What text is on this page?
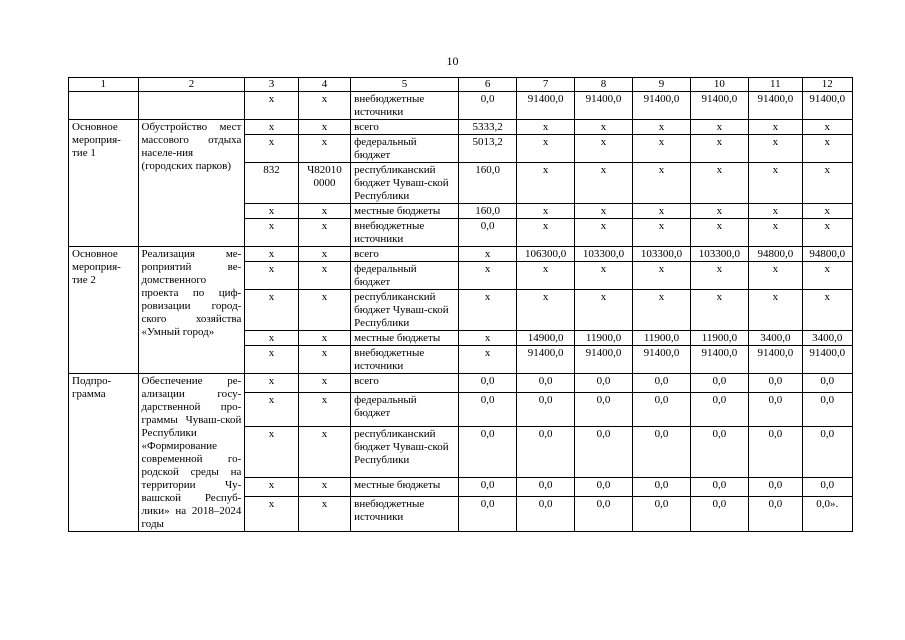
10
1	2	3	4	5	6	7	8	9	10	11	12
		х	х	внебюджетные источники	0,0	91400,0	91400,0	91400,0	91400,0	91400,0	91400,0
Основное мероприя-тие 1	Обустройство мест массового отдыха населе-ния (городских парков)	х	х	всего	5333,2	х	х	х	х	х	х
		х	х	федеральный бюджет	5013,2	х	х	х	х	х	х
		832	Ч82010 0000	республиканский бюджет Чуваш-ской Республики	160,0	х	х	х	х	х	х
		х	х	местные бюджеты	160,0	х	х	х	х	х	х
		х	х	внебюджетные источники	0,0	х	х	х	х	х	х
Основное мероприя-тие 2	Реализация ме-роприятий ве-домственного проекта по циф-ровизации город-ского хозяйства «Умный город»	х	х	всего	х	106300,0	103300,0	103300,0	103300,0	94800,0	94800,0
		х	х	федеральный бюджет	х	х	х	х	х	х	х
		х	х	республиканский бюджет Чуваш-ской Республики	х	х	х	х	х	х	х
		х	х	местные бюджеты	х	14900,0	11900,0	11900,0	11900,0	3400,0	3400,0
		х	х	внебюджетные источники	х	91400,0	91400,0	91400,0	91400,0	91400,0	91400,0
Подпро-грамма	Обеспечение ре-ализации госу-дарственной про-граммы Чуваш-ской Республики «Формирование современной го-родской среды на территории Чу-вашской Респуб-лики» на 2018–2024 годы	х	х	всего	0,0	0,0	0,0	0,0	0,0	0,0	0,0
		х	х	федеральный бюджет	0,0	0,0	0,0	0,0	0,0	0,0	0,0
		х	х	республиканский бюджет Чуваш-ской Республики	0,0	0,0	0,0	0,0	0,0	0,0	0,0
		х	х	местные бюджеты	0,0	0,0	0,0	0,0	0,0	0,0	0,0
		х	х	внебюджетные источники	0,0	0,0	0,0	0,0	0,0	0,0	0,0».
